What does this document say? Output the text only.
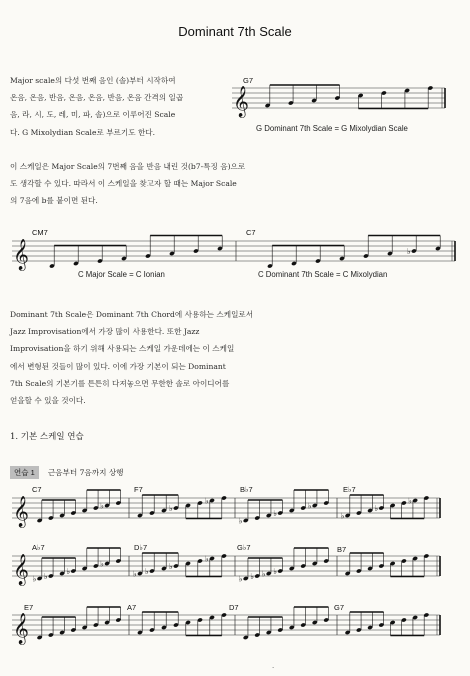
Dominant 7th Scale
Major scale의 다섯 번째 음인 (솔)부터 시작하여
온음, 온음, 반음, 온음, 온음, 반음, 온음 간격의 일곱
음, 라, 시, 도, 레, 미, 파, 솔)으로 이루어진 Scale
다. G Mixolydian Scale로 부르기도 한다.
G7
G Dominant 7th Scale = G Mixolydian Scale
이 스케일은 Major Scale의 7번째 음을 반음 내린 것(b7-특징 음)으로
도 생각할 수 있다. 따라서 이 스케일을 찾고자 할 때는 Major Scale
의 7음에 b를 붙이면 된다.
CM7	C7
C Major Scale = C Ionian	C Dominant 7th Scale = C Mixolydian
Dominant 7th Scale은 Dominant 7th Chord에 사용하는 스케일로서
Jazz Improvisation에서 가장 많이 사용한다. 또한 Jazz
Improvisation을 하기 위해 사용되는 스케일 가운데에는 이 스케일
에서 변형된 것들이 많이 있다. 이에 가장 기본이 되는 Dominant
7th Scale의 기본기를 튼튼히 다져놓으면 무한한 솔로 아이디어를
얻을할 수 있을 것이다.
1. 기본 스케일 연습
연습 1 근음부터 7음까지 상행
C7	F7	B♭7	E♭7
A♭7	D♭7	G♭7	B7
E7	A7	D7	G7
·
𝄞
𝄞	♭
𝄞	♭	♭
♭
♭
♭
♭
♭
♭
♭
𝄞 ♭ ♭
♭
♭
♭ ♭
♭
♭
♭ ♭ ♭ ♭
𝄞
